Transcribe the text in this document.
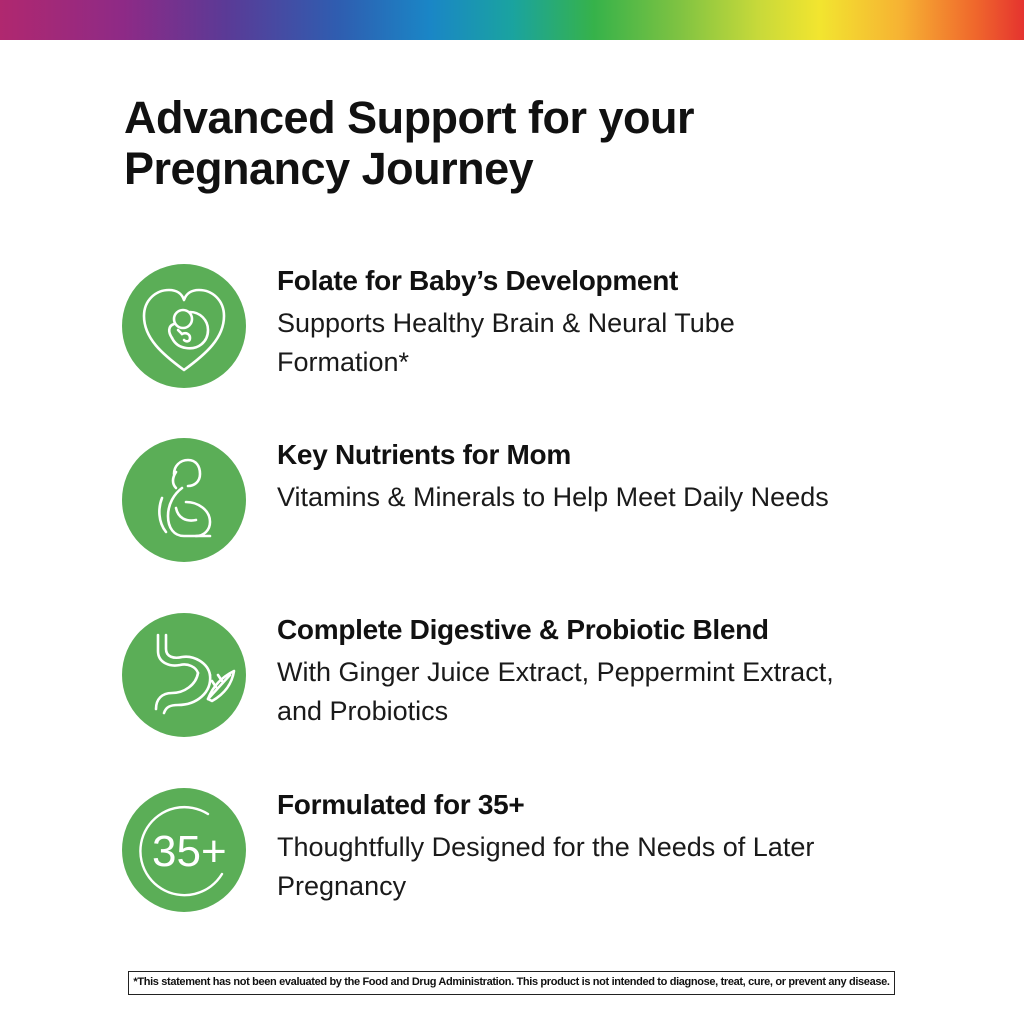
Advanced Support for your Pregnancy Journey
Folate for Baby’s Development
Supports Healthy Brain & Neural Tube Formation*
Key Nutrients for Mom
Vitamins & Minerals to Help Meet Daily Needs
Complete Digestive & Probiotic Blend
With Ginger Juice Extract, Peppermint Extract, and Probiotics
35+
Formulated for 35+
Thoughtfully Designed for the Needs of Later Pregnancy
*This statement has not been evaluated by the Food and Drug Administration. This product is not intended to diagnose, treat, cure, or prevent any disease.
